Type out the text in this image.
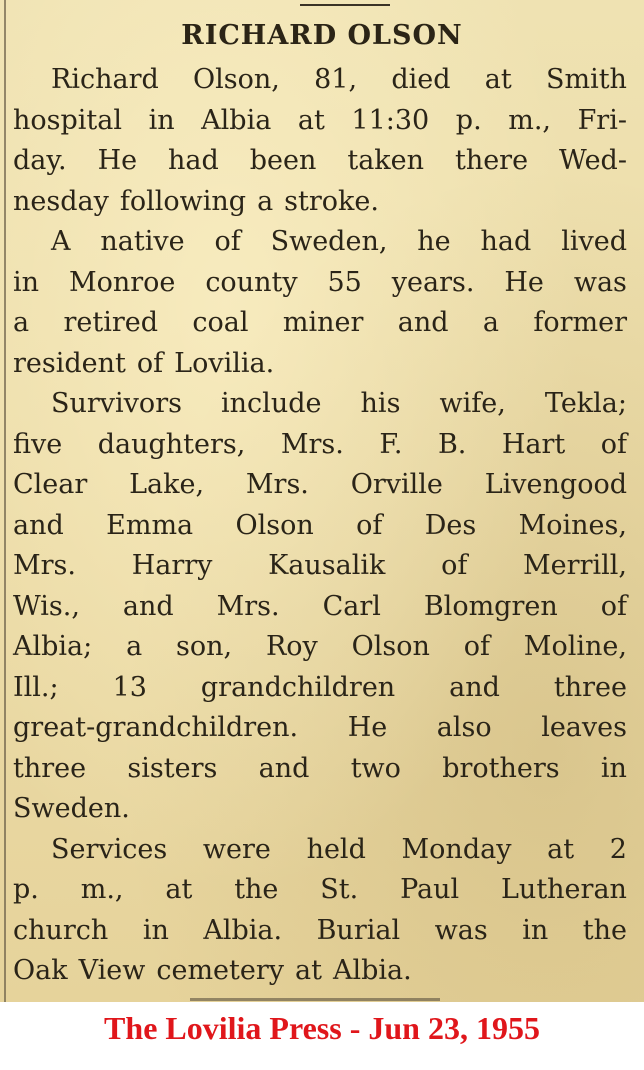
RICHARD OLSON
Richard Olson, 81, died at Smith
hospital in Albia at 11:30 p. m., Fri-
day. He had been taken there Wed-
nesday following a stroke.
A native of Sweden, he had lived
in Monroe county 55 years. He was
a retired coal miner and a former
resident of Lovilia.
Survivors include his wife, Tekla;
five daughters, Mrs. F. B. Hart of
Clear Lake, Mrs. Orville Livengood
and Emma Olson of Des Moines,
Mrs. Harry Kausalik of Merrill,
Wis., and Mrs. Carl Blomgren of
Albia; a son, Roy Olson of Moline,
Ill.; 13 grandchildren and three
great-grandchildren. He also leaves
three sisters and two brothers in
Sweden.
Services were held Monday at 2
p. m., at the St. Paul Lutheran
church in Albia. Burial was in the
Oak View cemetery at Albia.
The Lovilia Press - Jun 23, 1955
